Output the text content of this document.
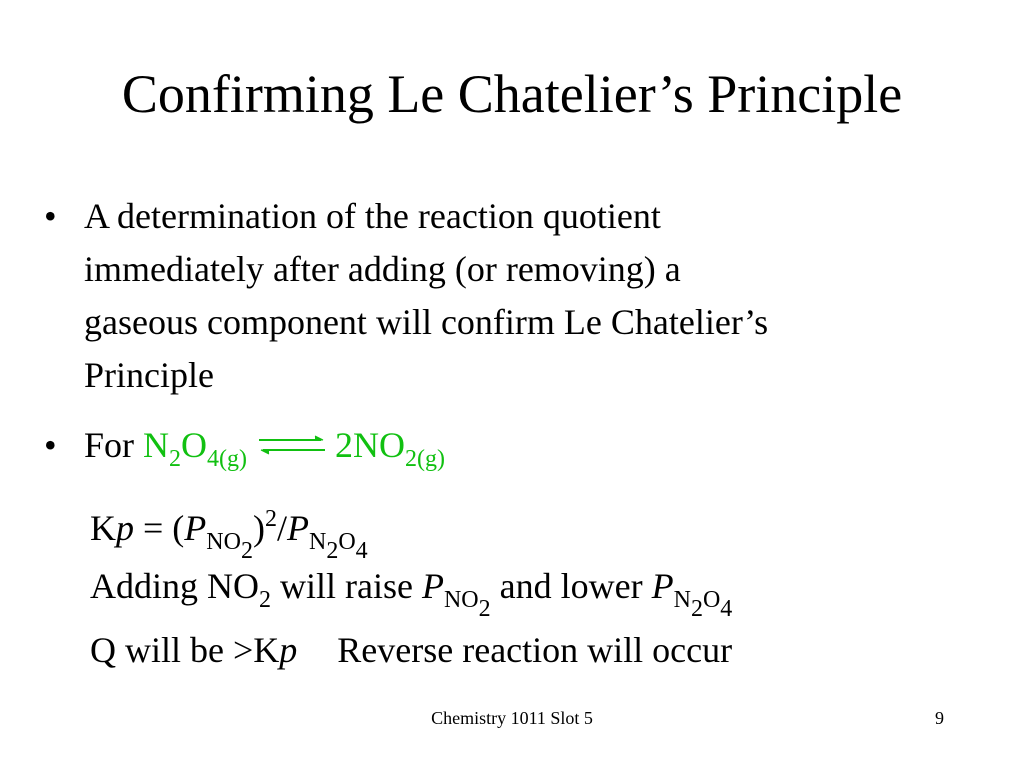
Confirming Le Chatelier’s Principle
• A determination of the reaction quotient
immediately after adding (or removing) a
gaseous component will confirm Le Chatelier’s
Principle
• For $N_2O_{4(g)}$ ⇌ $2NO_{2(g)}$
$Kp = (P_{NO2})^2/P_{N2O4}$
Adding $NO_2$ will raise $P_{NO2}$ and lower $P_{N2O4}$
Q will be >Kp Reverse reaction will occur
Chemistry 1011 Slot 5	9
